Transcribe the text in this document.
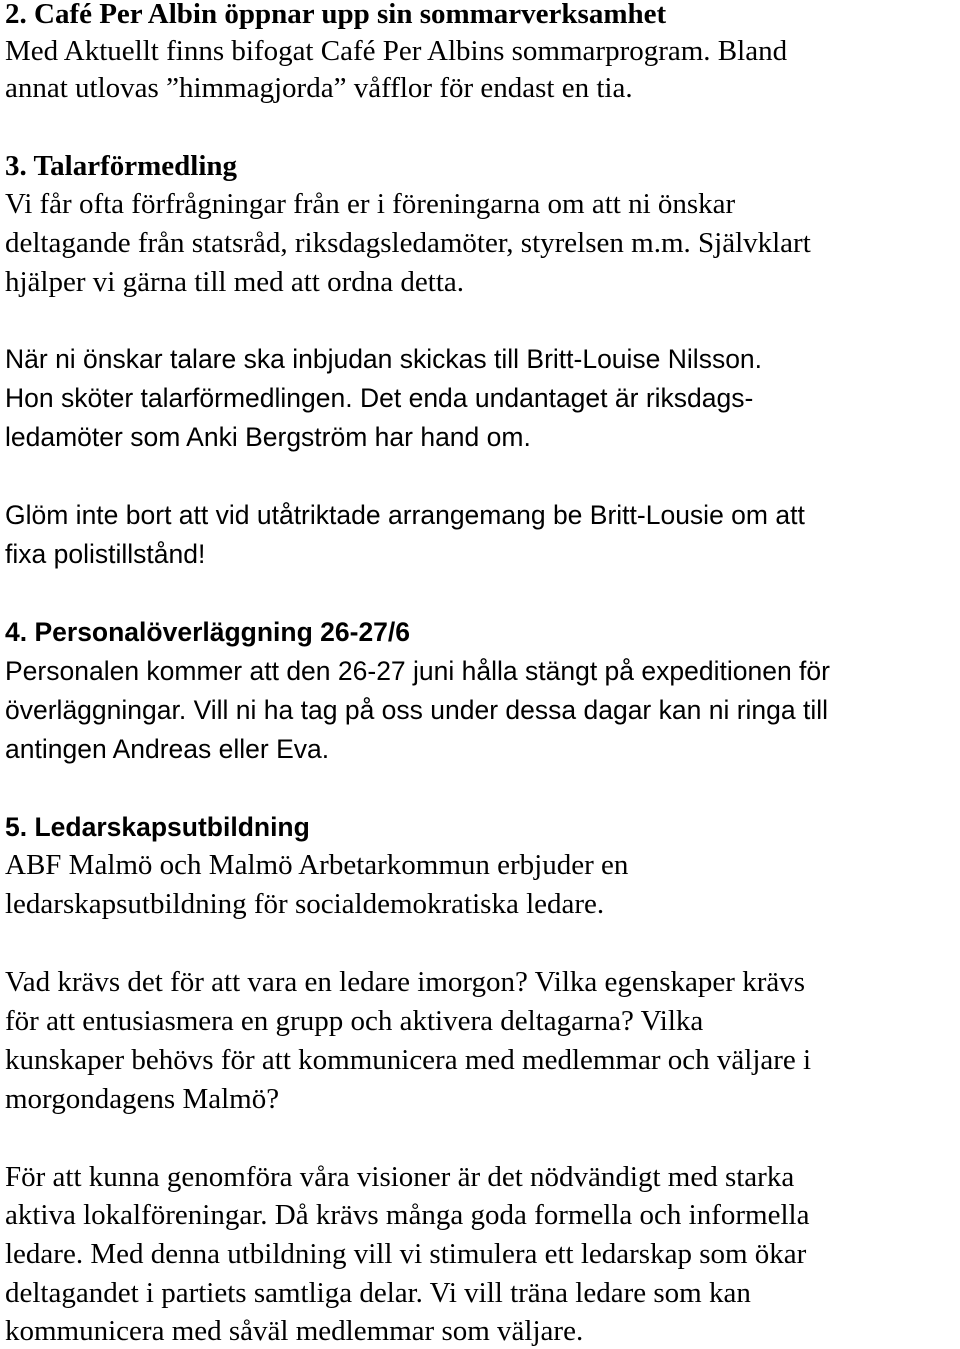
2. Café Per Albin öppnar upp sin sommarverksamhet
Med Aktuellt finns bifogat Café Per Albins sommarprogram. Bland
annat utlovas ”himmagjorda” våfflor för endast en tia.
3. Talarförmedling
Vi får ofta förfrågningar från er i föreningarna om att ni önskar
deltagande från statsråd, riksdagsledamöter, styrelsen m.m. Självklart
hjälper vi gärna till med att ordna detta.
När ni önskar talare ska inbjudan skickas till Britt-Louise Nilsson.
Hon sköter talarförmedlingen. Det enda undantaget är riksdags-
ledamöter som Anki Bergström har hand om.
Glöm inte bort att vid utåtriktade arrangemang be Britt-Lousie om att
fixa polistillstånd!
4. Personalöverläggning 26-27/6
Personalen kommer att den 26-27 juni hålla stängt på expeditionen för
överläggningar. Vill ni ha tag på oss under dessa dagar kan ni ringa till
antingen Andreas eller Eva.
5. Ledarskapsutbildning
ABF Malmö och Malmö Arbetarkommun erbjuder en
ledarskapsutbildning för socialdemokratiska ledare.
Vad krävs det för att vara en ledare imorgon? Vilka egenskaper krävs
för att entusiasmera en grupp och aktivera deltagarna? Vilka
kunskaper behövs för att kommunicera med medlemmar och väljare i
morgondagens Malmö?
För att kunna genomföra våra visioner är det nödvändigt med starka
aktiva lokalföreningar. Då krävs många goda formella och informella
ledare. Med denna utbildning vill vi stimulera ett ledarskap som ökar
deltagandet i partiets samtliga delar. Vi vill träna ledare som kan
kommunicera med såväl medlemmar som väljare.
